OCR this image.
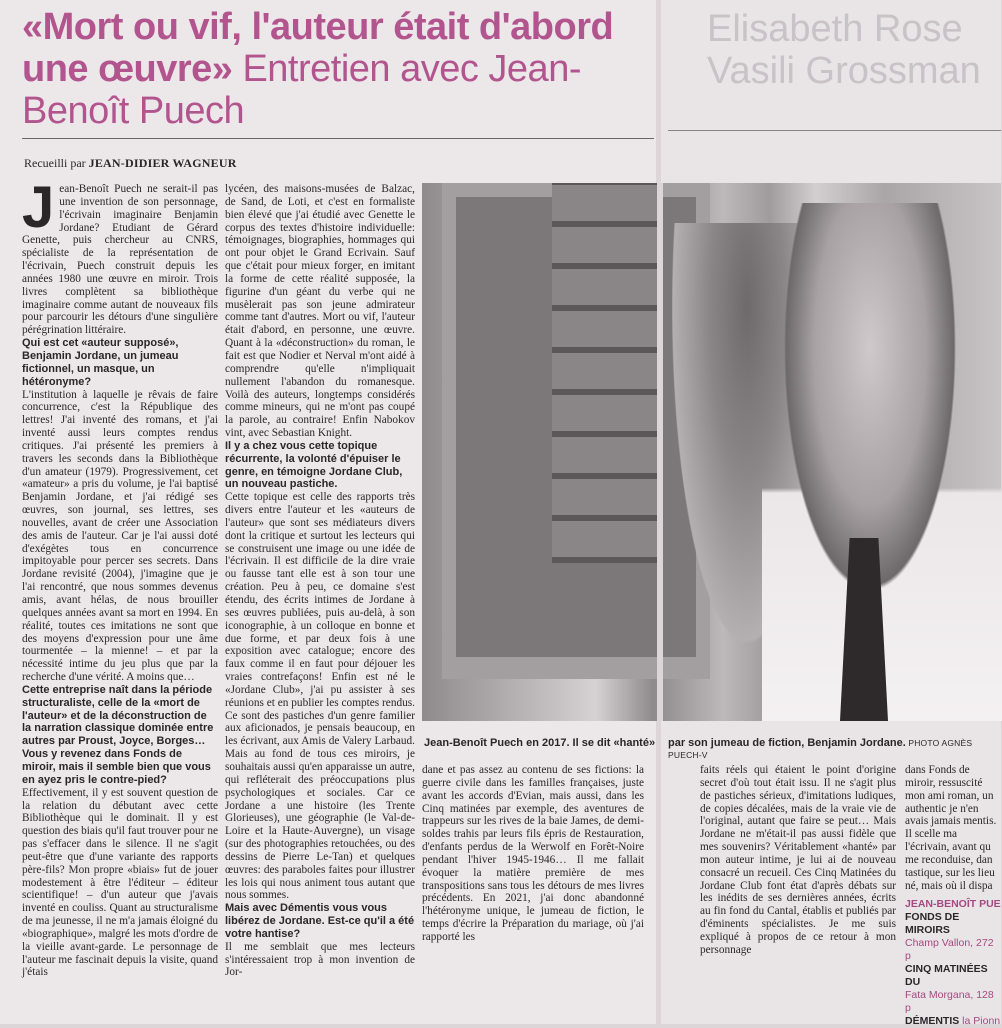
Elisabeth Rose Vasili Grossman
«Mort ou vif, l'auteur était d'abord une œuvre» Entretien avec Jean-Benoît Puech
Recueilli par JEAN-DIDIER WAGNEUR
J ean-Benoît Puech ne serait-il pas une invention de son personnage, l'écrivain imaginaire Benjamin Jordane? Etudiant de Gérard Genette, puis chercheur au CNRS, spécialiste de la représentation de l'écrivain, Puech construit depuis les années 1980 une œuvre en miroir. Trois livres complètent sa bibliothèque imaginaire comme autant de nouveaux fils pour parcourir les détours d'une singulière pérégrination littéraire.

Qui est cet «auteur supposé», Benjamin Jordane, un jumeau fictionnel, un masque, un hétéronyme?

L'institution à laquelle je rêvais de faire concurrence, c'est la République des lettres! J'ai inventé des romans, et j'ai inventé aussi leurs comptes rendus critiques. J'ai présenté les premiers à travers les seconds dans la Bibliothèque d'un amateur (1979). Progressivement, cet «amateur» a pris du volume, je l'ai baptisé Benjamin Jordane, et j'ai rédigé ses œuvres, son journal, ses lettres, ses nouvelles, avant de créer une Association des amis de l'auteur. Car je l'ai aussi doté d'exégètes tous en concurrence impitoyable pour percer ses secrets. Dans Jordane revisité (2004), j'imagine que je l'ai rencontré, que nous sommes devenus amis, avant hélas, de nous brouiller quelques années avant sa mort en 1994. En réalité, toutes ces imitations ne sont que des moyens d'expression pour une âme tourmentée – la mienne! – et par la nécessité intime du jeu plus que par la recherche d'une vérité. A moins que…

Cette entreprise naît dans la période structuraliste, celle de la «mort de l'auteur» et de la déconstruction de la narration classique dominée entre autres par Proust, Joyce, Borges… Vous y revenez dans Fonds de miroir, mais il semble bien que vous en ayez pris le contre-pied?

Effectivement, il y est souvent question de la relation du débutant avec cette Bibliothèque qui le dominait. Il y est question des biais qu'il faut trouver pour ne pas s'effacer dans le silence. Il ne s'agit peut-être que d'une variante des rapports père-fils? Mon propre «biais» fut de jouer modestement à être l'éditeur – éditeur scientifique! – d'un auteur que j'avais inventé en couliss. Quant au structuralisme de ma jeunesse, il ne m'a jamais éloigné du «biographique», malgré les mots d'ordre de la vieille avant-garde. Le personnage de l'auteur me fascinait depuis la visite, quand j'étais

lycéen, des maisons-musées de Balzac, de Sand, de Loti, et c'est en formaliste bien élevé que j'ai étudié avec Genette le corpus des textes d'histoire individuelle: témoignages, biographies, hommages qui ont pour objet le Grand Ecrivain. Sauf que c'était pour mieux forger, en imitant la forme de cette réalité supposée, la figurine d'un géant du verbe qui ne musèlerait pas son jeune admirateur comme tant d'autres. Mort ou vif, l'auteur était d'abord, en personne, une œuvre. Quant à la «déconstruction» du roman, le fait est que Nodier et Nerval m'ont aidé à comprendre qu'elle n'impliquait nullement l'abandon du romanesque. Voilà des auteurs, longtemps considérés comme mineurs, qui ne m'ont pas coupé la parole, au contraire! Enfin Nabokov vint, avec Sebastian Knight.

Il y a chez vous cette topique récurrente, la volonté d'épuiser le genre, en témoigne Jordane Club, un nouveau pastiche.

Cette topique est celle des rapports très divers entre l'auteur et les «auteurs de l'auteur» que sont ses médiateurs divers dont la critique et surtout les lecteurs qui se construisent une image ou une idée de l'écrivain. Il est difficile de la dire vraie ou fausse tant elle est à son tour une création. Peu à peu, ce domaine s'est étendu, des écrits intimes de Jordane à ses œuvres publiées, puis au-delà, à son iconographie, à un colloque en bonne et due forme, et par deux fois à une exposition avec catalogue; encore des faux comme il en faut pour déjouer les vraies contrefaçons! Enfin est né le «Jordane Club», j'ai pu assister à ses réunions et en publier les comptes rendus. Ce sont des pastiches d'un genre familier aux aficionados, je pensais beaucoup, en les écrivant, aux Amis de Valery Larbaud. Mais au fond de tous ces miroirs, je souhaitais aussi qu'en apparaisse un autre, qui refléterait des préoccupations plus psychologiques et sociales. Car ce Jordane a une histoire (les Trente Glorieuses), une géographie (le Val-de-Loire et la Haute-Auvergne), un visage (sur des photographies retouchées, ou des dessins de Pierre Le-Tan) et quelques œuvres: des paraboles faites pour illustrer les lois qui nous animent tous autant que nous sommes.

Mais avec Démentis vous vous libérez de Jordane. Est-ce qu'il a été votre hantise?

Il me semblait que mes lecteurs s'intéressaient trop à mon invention de Jor-

Jean-Benoît Puech en 2017. Il se dit «hanté» par son jumeau de fiction, Benjamin Jordane. PHOTO AGNÈS PUECH-V

dane et pas assez au contenu de ses fictions: la guerre civile dans les familles françaises, juste avant les accords d'Evian, mais aussi, dans les Cinq matinées par exemple, des aventures de trappeurs sur les rives de la baie James, de demi-soldes trahis par leurs fils épris de Restauration, d'enfants perdus de la Werwolf en Forêt-Noire pendant l'hiver 1945-1946… Il me fallait évoquer la matière première de mes transpositions sans tous les détours de mes livres précédents. En 2021, j'ai donc abandonné l'hétéronyme unique, le jumeau de fiction, le temps d'écrire la Préparation du mariage, où j'ai rapporté les

faits réels qui étaient le point d'origine secret d'où tout était issu. Il ne s'agit plus de pastiches sérieux, d'imitations ludiques, de copies décalées, mais de la vraie vie de l'original, autant que faire se peut… Mais Jordane ne m'était-il pas aussi fidèle que mes souvenirs? Véritablement «hanté» par mon auteur intime, je lui ai de nouveau consacré un recueil. Ces Cinq Matinées du Jordane Club font état d'après débats sur les inédits de ses dernières années, écrits au fin fond du Cantal, établis et publiés par d'éminents spécialistes. Je me suis expliqué à propos de ce retour à mon personnage

dans Fonds de miroir, ressuscité mon ami roman, un authentic je n'en avais jamais mentis. Il scelle ma l'écrivain, avant qu me reconduise, dan tastique, sur les lieu né, mais où il dispa

JEAN-BENOÎT PUE
FONDS DE MIROIRS
Champ Vallon, 272 p
CINQ MATINÉES DU
Fata Morgana, 128 p
DÉMENTIS la Pionn
